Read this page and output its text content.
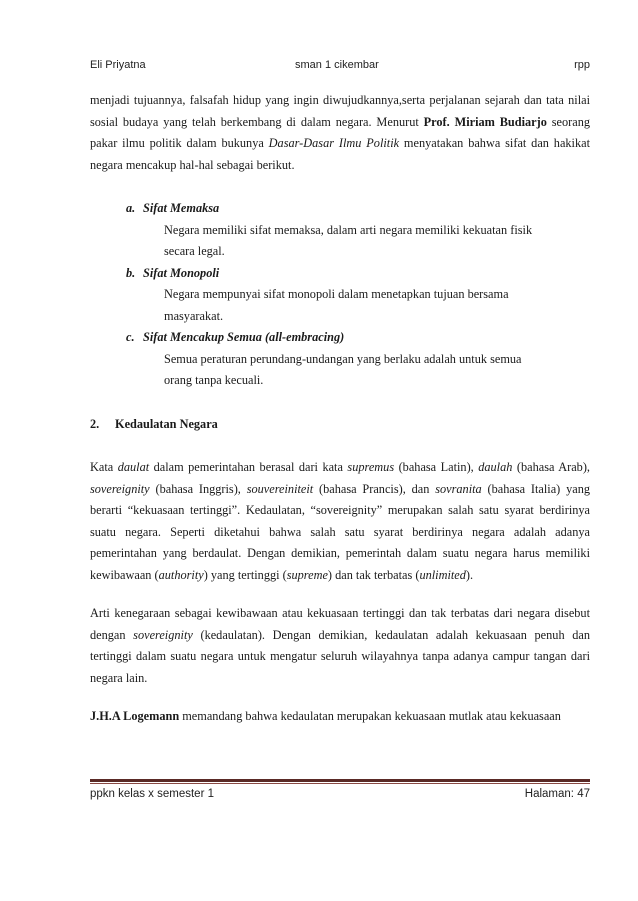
Eli Priyatna	sman 1 cikembar	rpp

menjadi tujuannya, falsafah hidup yang ingin diwujudkannya,serta perjalanan sejarah dan tata nilai sosial budaya yang telah berkembang di dalam negara. Menurut Prof. Miriam Budiarjo seorang pakar ilmu politik dalam bukunya Dasar-Dasar Ilmu Politik menyatakan bahwa sifat dan hakikat negara mencakup hal-hal sebagai berikut.

a. Sifat Memaksa
Negara memiliki sifat memaksa, dalam arti negara memiliki kekuatan fisik secara legal.
b. Sifat Monopoli
Negara mempunyai sifat monopoli dalam menetapkan tujuan bersama masyarakat.
c. Sifat Mencakup Semua (all-embracing)
Semua peraturan perundang-undangan yang berlaku adalah untuk semua orang tanpa kecuali.

2. Kedaulatan Negara

Kata daulat dalam pemerintahan berasal dari kata supremus (bahasa Latin), daulah (bahasa Arab), sovereignity (bahasa Inggris), souvereiniteit (bahasa Prancis), dan sovranita (bahasa Italia) yang berarti “kekuasaan tertinggi”. Kedaulatan, “sovereignity” merupakan salah satu syarat berdirinya suatu negara. Seperti diketahui bahwa salah satu syarat berdirinya negara adalah adanya pemerintahan yang berdaulat. Dengan demikian, pemerintah dalam suatu negara harus memiliki kewibawaan (authority) yang tertinggi (supreme) dan tak terbatas (unlimited).

Arti kenegaraan sebagai kewibawaan atau kekuasaan tertinggi dan tak terbatas dari negara disebut dengan sovereignity (kedaulatan). Dengan demikian, kedaulatan adalah kekuasaan penuh dan tertinggi dalam suatu negara untuk mengatur seluruh wilayahnya tanpa adanya campur tangan dari negara lain.

J.H.A Logemann memandang bahwa kedaulatan merupakan kekuasaan mutlak atau kekuasaan

ppkn kelas x semester 1	Halaman: 47
